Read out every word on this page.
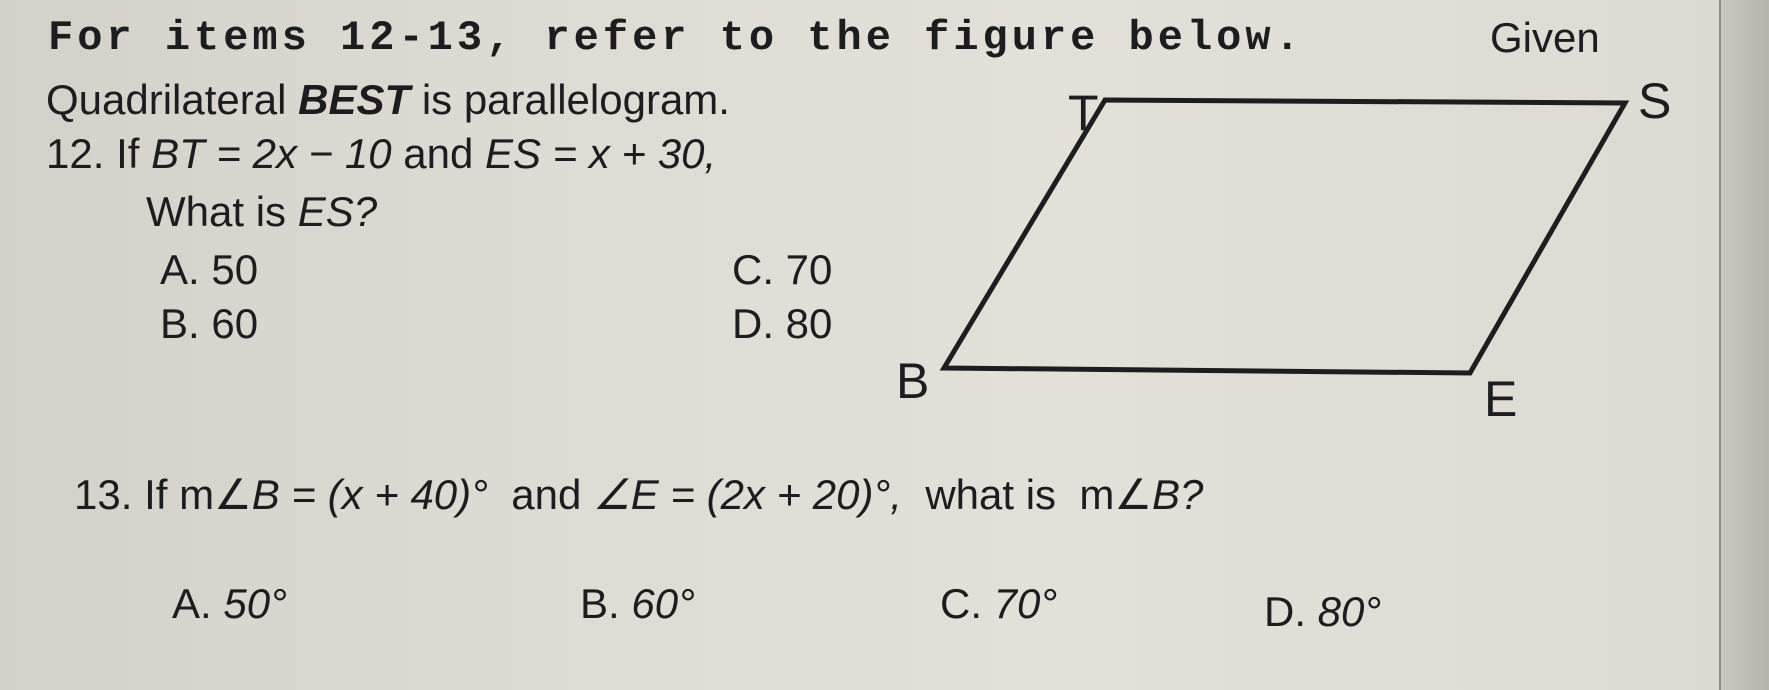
For items 12-13, refer to the figure below.	Given
Quadrilateral BEST is parallelogram.
12. If BT = 2x − 10 and ES = x + 30,
What is ES?
A. 50
B. 60
C. 70
D. 80
T	S
B	E
13. If m∠B = (x + 40)° and ∠E = (2x + 20)°, what is m∠B?
A. 50°	B. 60°	C. 70°	D. 80°
